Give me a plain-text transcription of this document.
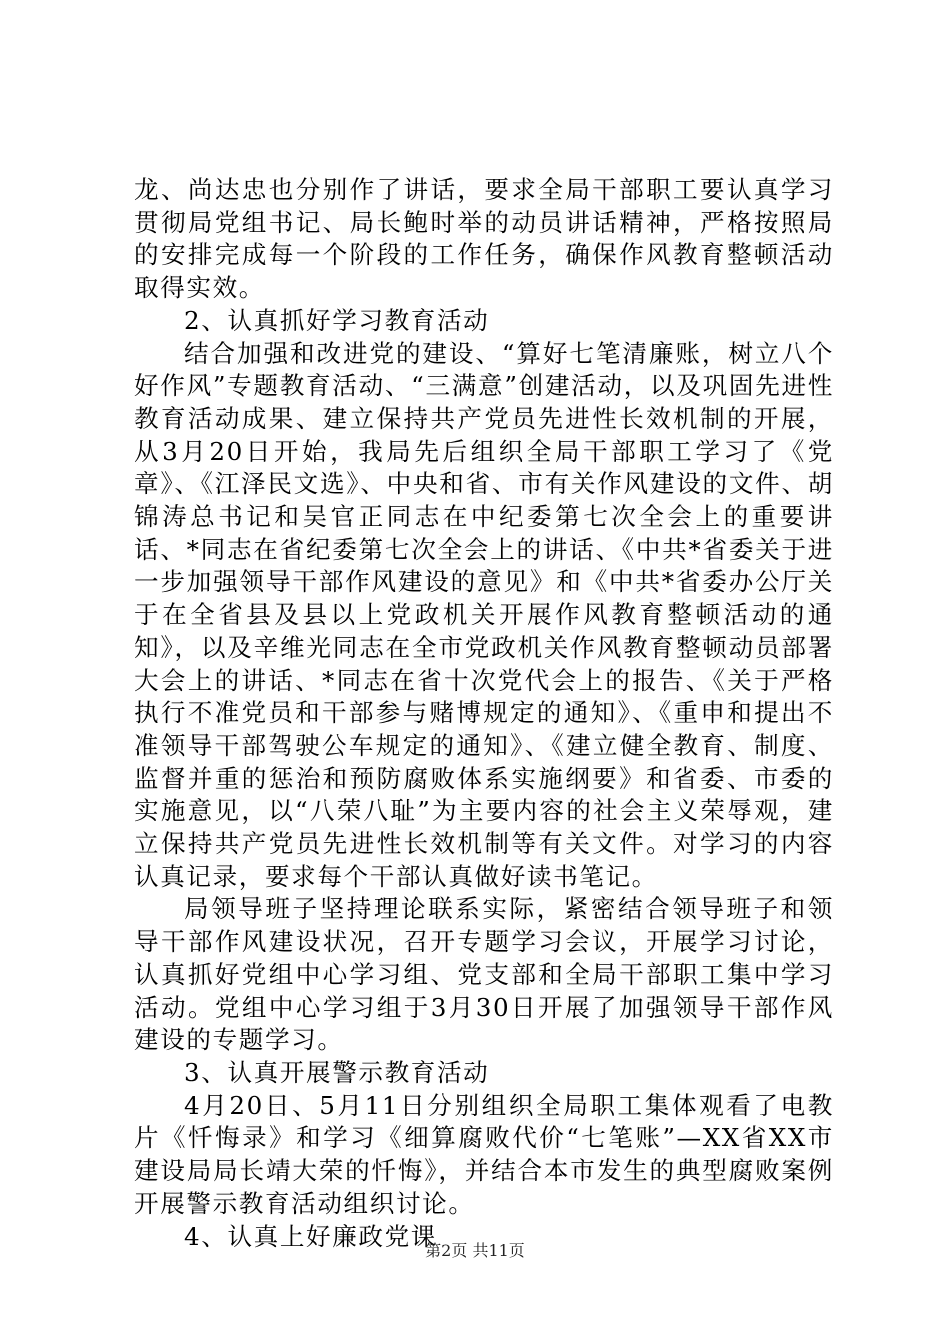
龙、尚达忠也分别作了讲话，要求全局干部职工要认真学习贯彻局党组书记、局长鲍时举的动员讲话精神，严格按照局的安排完成每一个阶段的工作任务，确保作风教育整顿活动取得实效。

2、认真抓好学习教育活动

结合加强和改进党的建设、“算好七笔清廉账，树立八个好作风”专题教育活动、“三满意”创建活动，以及巩固先进性教育活动成果、建立保持共产党员先进性长效机制的开展，从3月20日开始，我局先后组织全局干部职工学习了《党章》、《江泽民文选》、中央和省、市有关作风建设的文件、胡锦涛总书记和吴官正同志在中纪委第七次全会上的重要讲话、*同志在省纪委第七次全会上的讲话、《中共*省委关于进一步加强领导干部作风建设的意见》和《中共*省委办公厅关于在全省县及县以上党政机关开展作风教育整顿活动的通知》，以及辛维光同志在全市党政机关作风教育整顿动员部署大会上的讲话、*同志在省十次党代会上的报告、《关于严格执行不准党员和干部参与赌博规定的通知》、《重申和提出不准领导干部驾驶公车规定的通知》、《建立健全教育、制度、监督并重的惩治和预防腐败体系实施纲要》和省委、市委的实施意见，以“八荣八耻”为主要内容的社会主义荣辱观，建立保持共产党员先进性长效机制等有关文件。对学习的内容认真记录，要求每个干部认真做好读书笔记。

局领导班子坚持理论联系实际，紧密结合领导班子和领导干部作风建设状况，召开专题学习会议，开展学习讨论，认真抓好党组中心学习组、党支部和全局干部职工集中学习活动。党组中心学习组于3月30日开展了加强领导干部作风建设的专题学习。

3、认真开展警示教育活动

4月20日、5月11日分别组织全局职工集体观看了电教片《忏悔录》和学习《细算腐败代价“七笔账”—XX省XX市建设局局长靖大荣的忏悔》，并结合本市发生的典型腐败案例开展警示教育活动组织讨论。

4、认真上好廉政党课

第2页 共11页
